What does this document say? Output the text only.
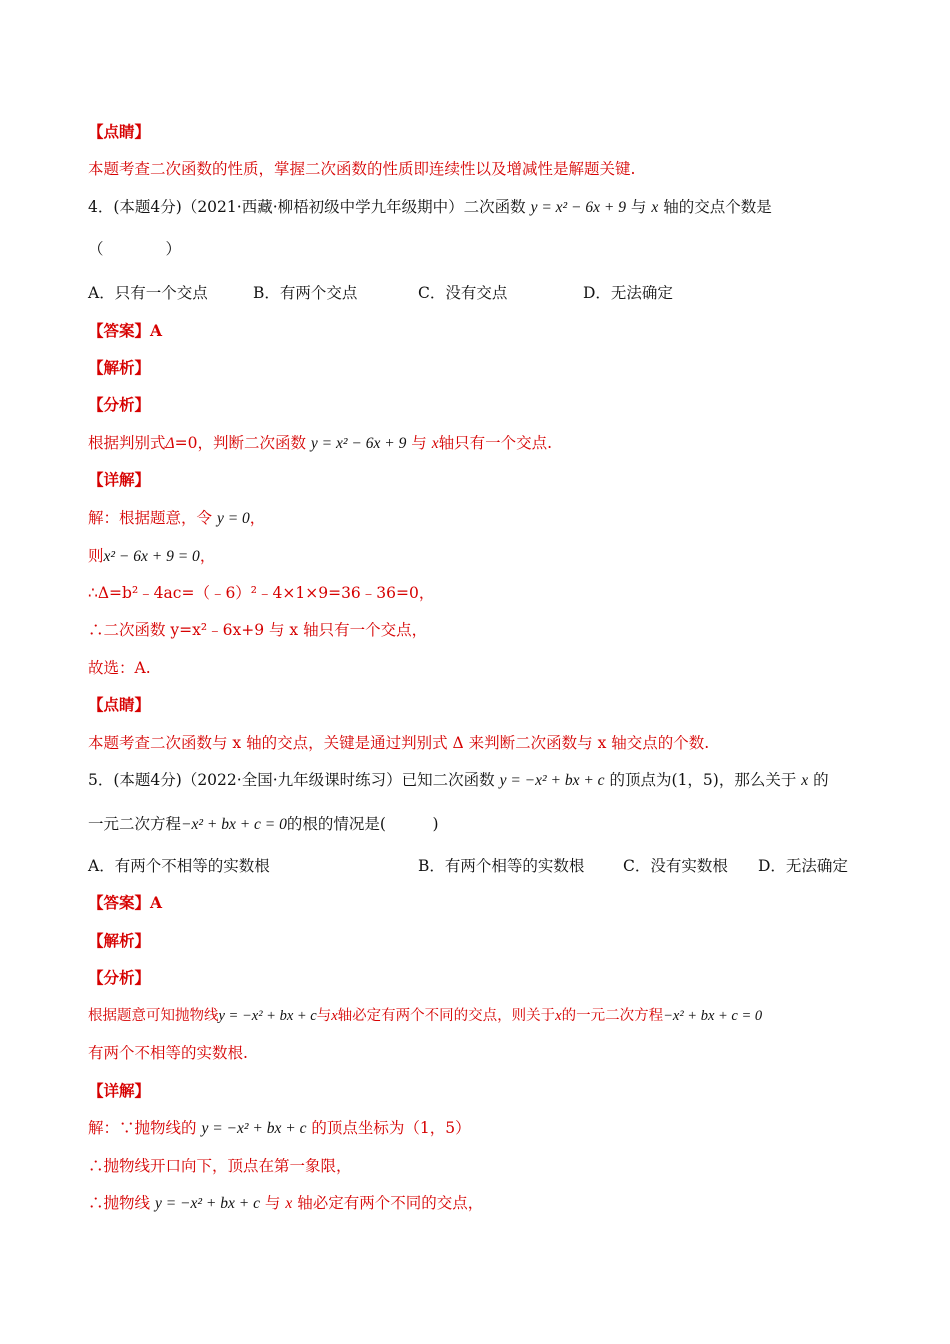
【点睛】
本题考查二次函数的性质，掌握二次函数的性质即连续性以及增减性是解题关键.
4．(本题4分)（2021·西藏·柳梧初级中学九年级期中）二次函数 y = x² − 6x + 9 与 x 轴的交点个数是
（　　　　）
A．只有一个交点	B．有两个交点	C．没有交点	D．无法确定
【答案】A
【解析】
【分析】
根据判别式Δ=0，判断二次函数 y = x² − 6x + 9 与 x轴只有一个交点.
【详解】
解：根据题意，令 y = 0，
则x² − 6x + 9 = 0，
∴Δ=b²﹣4ac=（﹣6）²﹣4×1×9=36﹣36=0，
∴二次函数 y=x²﹣6x+9 与 x 轴只有一个交点，
故选：A.
【点睛】
本题考查二次函数与 x 轴的交点，关键是通过判别式 Δ 来判断二次函数与 x 轴交点的个数.
5．(本题4分)（2022·全国·九年级课时练习）已知二次函数 y = −x² + bx + c 的顶点为(1，5)，那么关于 x 的
一元二次方程−x² + bx + c = 0的根的情况是(　　　)
A．有两个不相等的实数根	B．有两个相等的实数根	C．没有实数根	D．无法确定
【答案】A
【解析】
【分析】
根据题意可知抛物线y = −x² + bx + c与x轴必定有两个不同的交点，则关于x的一元二次方程−x² + bx + c = 0
有两个不相等的实数根.
【详解】
解：∵抛物线的 y = −x² + bx + c 的顶点坐标为（1，5）
∴抛物线开口向下，顶点在第一象限，
∴抛物线 y = −x² + bx + c 与 x 轴必定有两个不同的交点，
